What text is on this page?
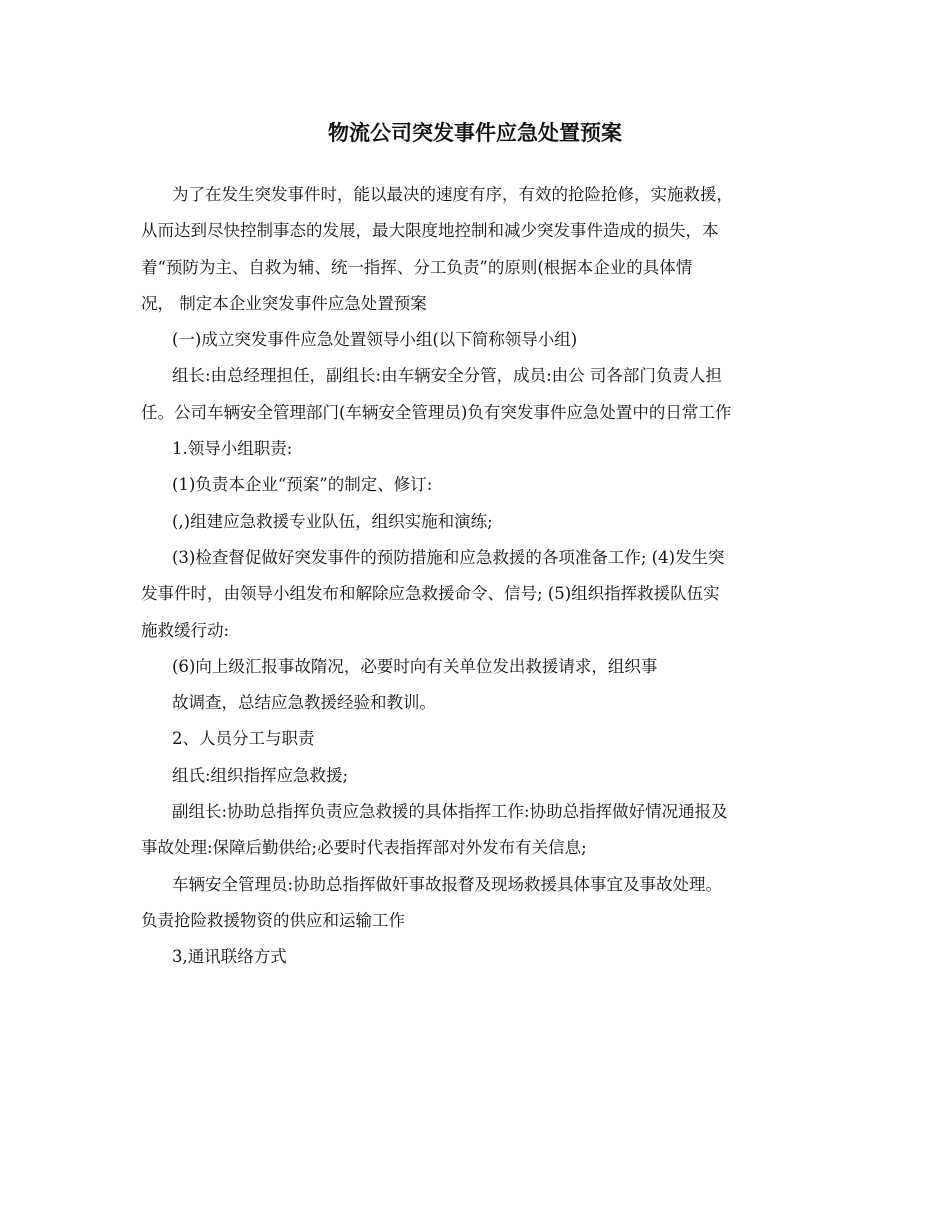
物流公司突发事件应急处置预案
为了在发生突发事件时，能以最决的速度有序，有效的抢险抢修，实施救援，
从而达到尽快控制事态的发展，最大限度地控制和减少突发事件造成的损失，本
着“预防为主、自救为辅、统一指挥、分工负责”的原则(根据本企业的具体情
况， 制定本企业突发事件应急处置预案
(一)成立突发事件应急处置领导小组(以下简称领导小组)
组长:由总经理担任，副组长:由车辆安全分管，成员:由公 司各部门负责人担
任。公司车辆安全管理部门(车辆安全管理员)负有突发事件应急处置中的日常工作
1.领导小组职责:
(1)负责本企业“预案”的制定、修订:
(,)组建应急救援专业队伍，组织实施和演练;
(3)检查督促做好突发事件的预防措施和应急救援的各项准备工作; (4)发生突
发事件时，由领导小组发布和解除应急救援命令、信号; (5)组织指挥救援队伍实
施救缓行动:
(6)向上级汇报事故隋况，必要时向有关单位发出救援请求，组织事
故调查，总结应急教援经验和教训。
2、人员分工与职责
组氏:组织指挥应急救援;
副组长:协助总指挥负责应急救援的具体指挥工作:协助总指挥做好情况通报及
事故处理:保障后勤供给;必要时代表指挥部对外发布有关信息;
车辆安全管理员:协助总指挥做奸事故报瞀及现场救援具体事宜及事故处理。
负责抢险救援物资的供应和运输工作
3,通讯联络方式
